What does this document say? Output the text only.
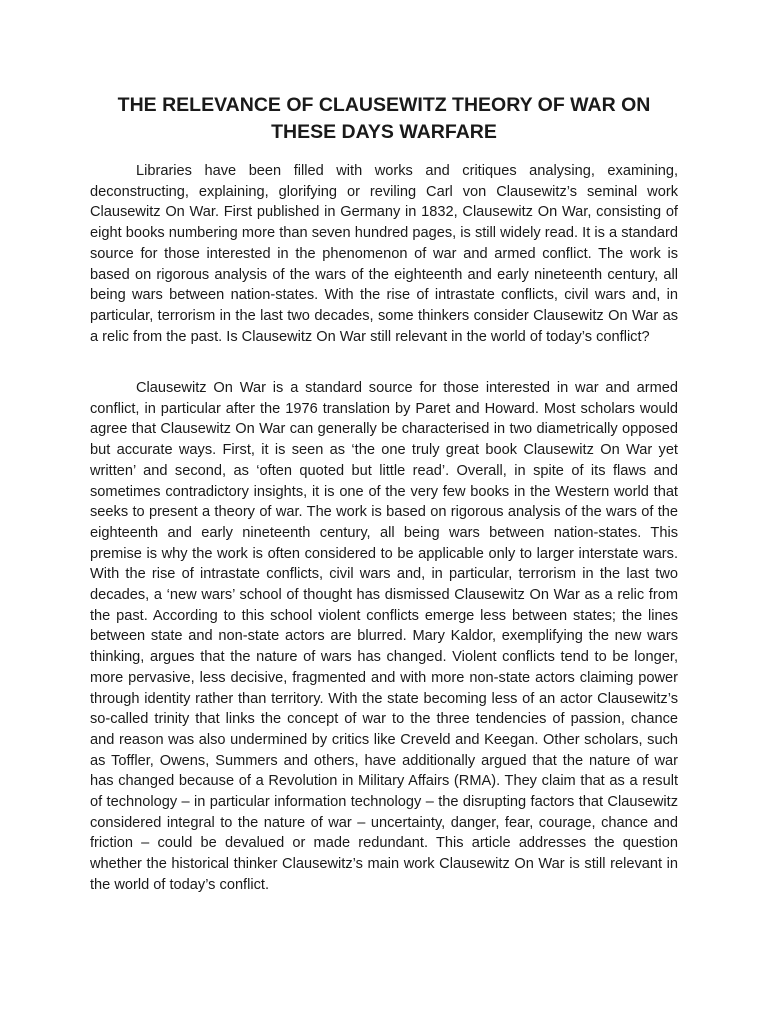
THE RELEVANCE OF CLAUSEWITZ THEORY OF WAR ON THESE DAYS WARFARE

Libraries have been filled with works and critiques analysing, examining, deconstructing, explaining, glorifying or reviling Carl von Clausewitz’s seminal work Clausewitz On War. First published in Germany in 1832, Clausewitz On War, consisting of eight books numbering more than seven hundred pages, is still widely read. It is a standard source for those interested in the phenomenon of war and armed conflict. The work is based on rigorous analysis of the wars of the eighteenth and early nineteenth century, all being wars between nation-states. With the rise of intrastate conflicts, civil wars and, in particular, terrorism in the last two decades, some thinkers consider Clausewitz On War as a relic from the past. Is Clausewitz On War still relevant in the world of today’s conflict?

Clausewitz On War is a standard source for those interested in war and armed conflict, in particular after the 1976 translation by Paret and Howard. Most scholars would agree that Clausewitz On War can generally be characterised in two diametrically opposed but accurate ways. First, it is seen as ‘the one truly great book Clausewitz On War yet written’ and second, as ‘often quoted but little read’. Overall, in spite of its flaws and sometimes contradictory insights, it is one of the very few books in the Western world that seeks to present a theory of war. The work is based on rigorous analysis of the wars of the eighteenth and early nineteenth century, all being wars between nation-states. This premise is why the work is often considered to be applicable only to larger interstate wars. With the rise of intrastate conflicts, civil wars and, in particular, terrorism in the last two decades, a ‘new wars’ school of thought has dismissed Clausewitz On War as a relic from the past. According to this school violent conflicts emerge less between states; the lines between state and non-state actors are blurred. Mary Kaldor, exemplifying the new wars thinking, argues that the nature of wars has changed. Violent conflicts tend to be longer, more pervasive, less decisive, fragmented and with more non-state actors claiming power through identity rather than territory. With the state becoming less of an actor Clausewitz’s so-called trinity that links the concept of war to the three tendencies of passion, chance and reason was also undermined by critics like Creveld and Keegan. Other scholars, such as Toffler, Owens, Summers and others, have additionally argued that the nature of war has changed because of a Revolution in Military Affairs (RMA). They claim that as a result of technology – in particular information technology – the disrupting factors that Clausewitz considered integral to the nature of war – uncertainty, danger, fear, courage, chance and friction – could be devalued or made redundant. This article addresses the question whether the historical thinker Clausewitz’s main work Clausewitz On War is still relevant in the world of today’s conflict.
